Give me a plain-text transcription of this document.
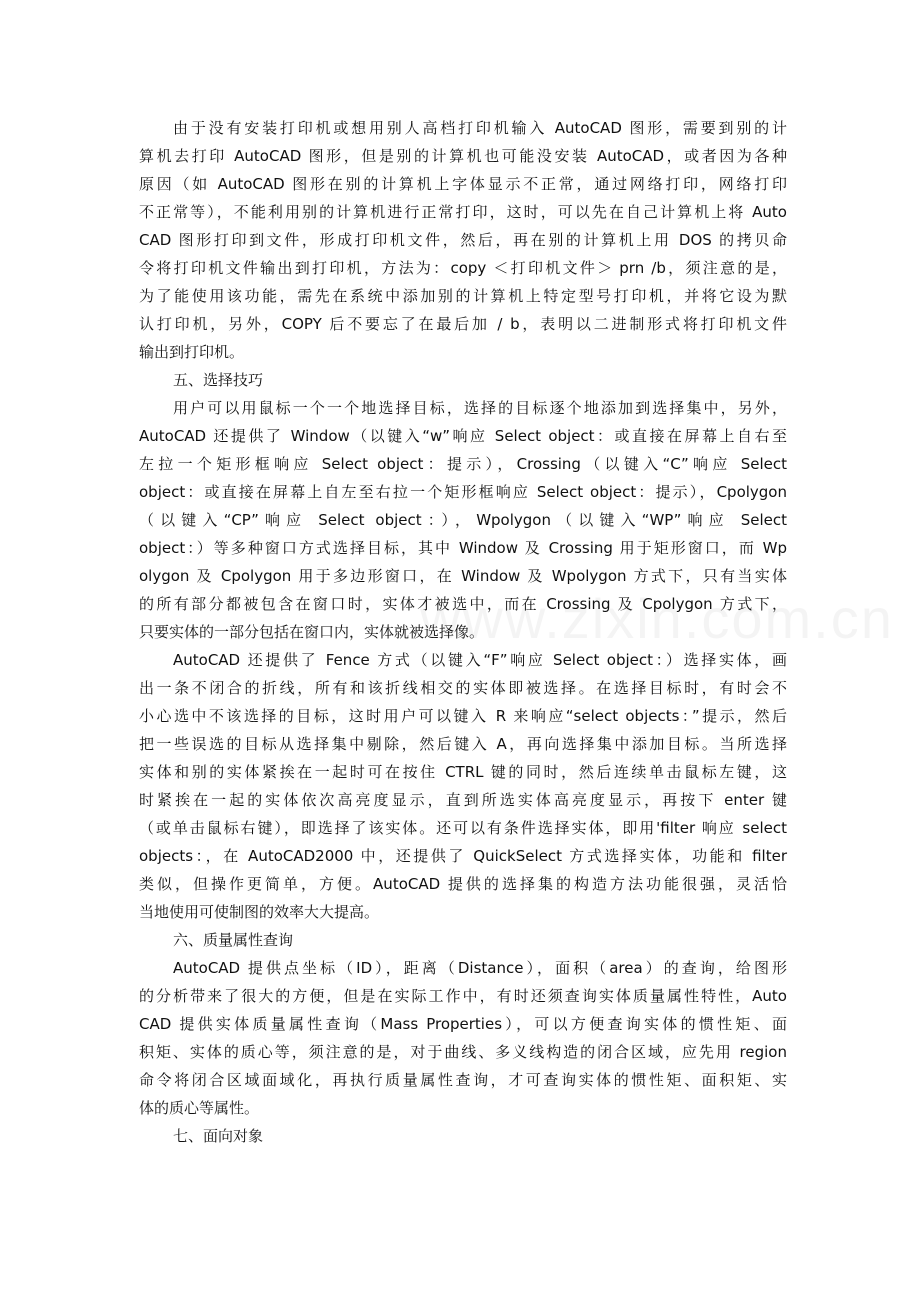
由于没有安装打印机或想用别人高档打印机输入 AutoCAD 图形，需要到别的计
算机去打印 AutoCAD 图形，但是别的计算机也可能没安装 AutoCAD，或者因为各种
原因（如 AutoCAD 图形在别的计算机上字体显示不正常，通过网络打印，网络打印
不正常等），不能利用别的计算机进行正常打印，这时，可以先在自己计算机上将 Auto
CAD 图形打印到文件，形成打印机文件，然后，再在别的计算机上用 DOS 的拷贝命
令将打印机文件输出到打印机，方法为：copy ＜打印机文件＞ prn /b，须注意的是，
为了能使用该功能，需先在系统中添加别的计算机上特定型号打印机，并将它设为默
认打印机，另外，COPY 后不要忘了在最后加 / b，表明以二进制形式将打印机文件
输出到打印机。
五、选择技巧
用户可以用鼠标一个一个地选择目标，选择的目标逐个地添加到选择集中，另外，
AutoCAD 还提供了 Window（以键入“w”响应 Select object：或直接在屏幕上自右至
左拉一个矩形框响应 Select object：提示），Crossing（以键入“C”响应 Select
object：或直接在屏幕上自左至右拉一个矩形框响应 Select object：提示），Cpolygon
（以键入“CP”响应 Select object：），Wpolygon（以键入“WP”响应 Select
object：）等多种窗口方式选择目标，其中 Window 及 Crossing 用于矩形窗口，而 Wp
olygon 及 Cpolygon 用于多边形窗口，在 Window 及 Wpolygon 方式下，只有当实体
的所有部分都被包含在窗口时，实体才被选中，而在 Crossing 及 Cpolygon 方式下，
只要实体的一部分包括在窗口内，实体就被选择像。
AutoCAD 还提供了 Fence 方式（以键入“F”响应 Select object：）选择实体，画
出一条不闭合的折线，所有和该折线相交的实体即被选择。在选择目标时，有时会不
小心选中不该选择的目标，这时用户可以键入 R 来响应“select objects：”提示，然后
把一些误选的目标从选择集中剔除，然后键入 A，再向选择集中添加目标。当所选择
实体和别的实体紧挨在一起时可在按住 CTRL 键的同时，然后连续单击鼠标左键，这
时紧挨在一起的实体依次高亮度显示，直到所选实体高亮度显示，再按下 enter 键
（或单击鼠标右键），即选择了该实体。还可以有条件选择实体，即用'filter 响应 select
objects：，在 AutoCAD2000 中，还提供了 QuickSelect 方式选择实体，功能和 filter
类似，但操作更简单，方便。AutoCAD 提供的选择集的构造方法功能很强，灵活恰
当地使用可使制图的效率大大提高。
六、质量属性查询
AutoCAD 提供点坐标（ID），距离（Distance），面积（area）的查询，给图形
的分析带来了很大的方便，但是在实际工作中，有时还须查询实体质量属性特性，Auto
CAD 提供实体质量属性查询（Mass Properties），可以方便查询实体的惯性矩、面
积矩、实体的质心等，须注意的是，对于曲线、多义线构造的闭合区域，应先用 region
命令将闭合区域面域化，再执行质量属性查询，才可查询实体的惯性矩、面积矩、实
体的质心等属性。
七、面向对象
